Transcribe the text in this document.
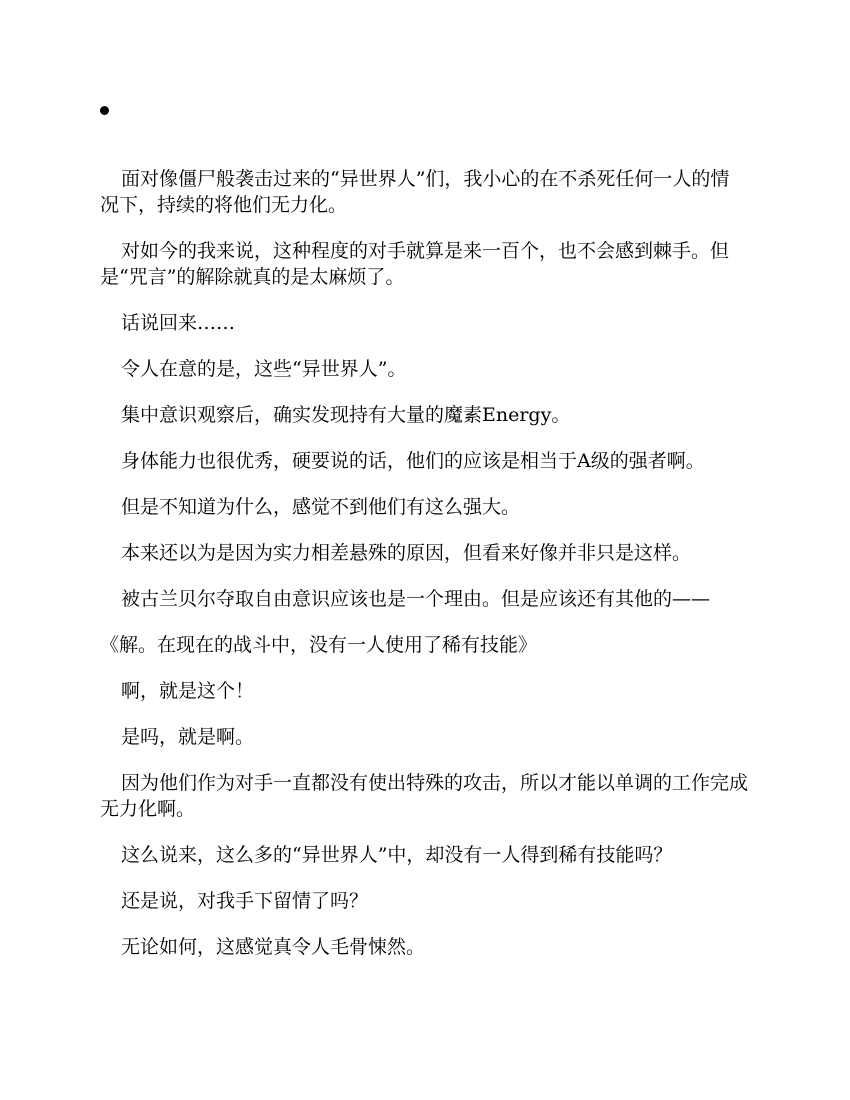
面对像僵尸般袭击过来的“异世界人”们，我小心的在不杀死任何一人的情况下，持续的将他们无力化。

对如今的我来说，这种程度的对手就算是来一百个，也不会感到棘手。但是“咒言”的解除就真的是太麻烦了。

话说回来……

令人在意的是，这些“异世界人”。

集中意识观察后，确实发现持有大量的魔素Energy。

身体能力也很优秀，硬要说的话，他们的应该是相当于A级的强者啊。

但是不知道为什么，感觉不到他们有这么强大。

本来还以为是因为实力相差悬殊的原因，但看来好像并非只是这样。

被古兰贝尔夺取自由意识应该也是一个理由。但是应该还有其他的——

《解。在现在的战斗中，没有一人使用了稀有技能》

啊，就是这个！

是吗，就是啊。

因为他们作为对手一直都没有使出特殊的攻击，所以才能以单调的工作完成无力化啊。

这么说来，这么多的“异世界人”中，却没有一人得到稀有技能吗？

还是说，对我手下留情了吗？

无论如何，这感觉真令人毛骨悚然。
